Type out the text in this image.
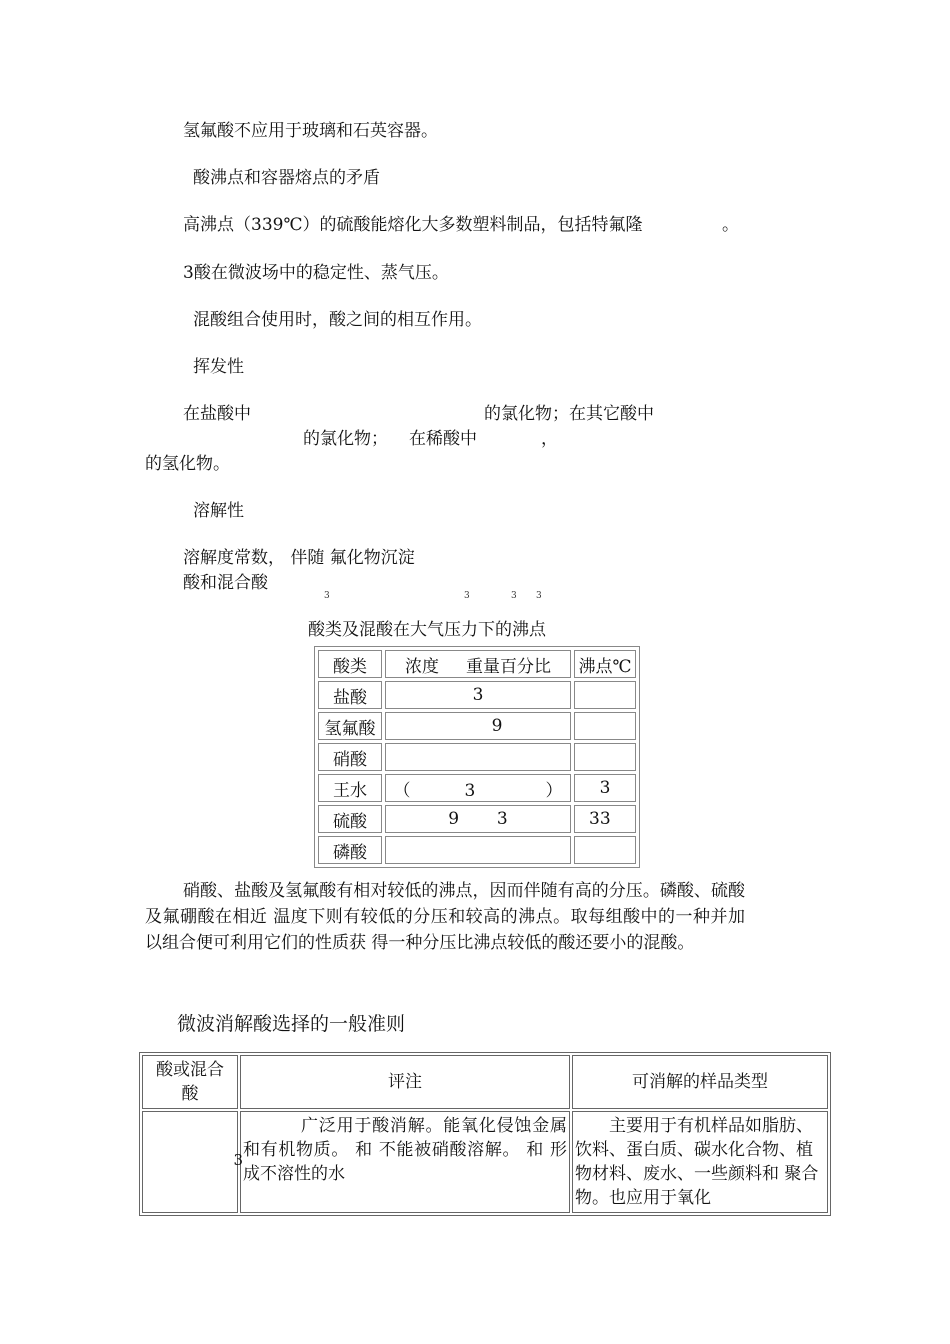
氢氟酸不应用于玻璃和石英容器。
酸沸点和容器熔点的矛盾
高沸点（339℃）的硫酸能熔化大多数塑料制品，包括特氟隆	。
3酸在微波场中的稳定性、蒸气压。
混酸组合使用时，酸之间的相互作用。
挥发性
在盐酸中	的氯化物；在其它酸中
的氯化物； 在稀酸中	，
的氢化物。
溶解性
溶解度常数， 伴随 氟化物沉淀
酸和混合酸
3	3	3 3
酸类及混酸在大气压力下的沸点
酸类	浓度     重量百分比	沸点℃
盐酸	3	
氢氟酸	9	
硝酸		
王水	（          3             ）	3
硫酸	9       3	33
磷酸		
硝酸、盐酸及氢氟酸有相对较低的沸点，因而伴随有高的分压。磷酸、硫酸及氟硼酸在相近 温度下则有较低的分压和较高的沸点。取每组酸中的一种并加以组合便可利用它们的性质获 得一种分压比沸点较低的酸还要小的混酸。
微波消解酸选择的一般准则
酸或混合酸	评注	可消解的样品类型

3	广泛用于酸消解。能氧化侵蚀金属和有机物质。 和 不能被硝酸溶解。 和 形成不溶性的水	主要用于有机样品如脂肪、饮料、蛋白质、碳水化合物、植物材料、废水、一些颜料和 聚合物。也应用于氧化
